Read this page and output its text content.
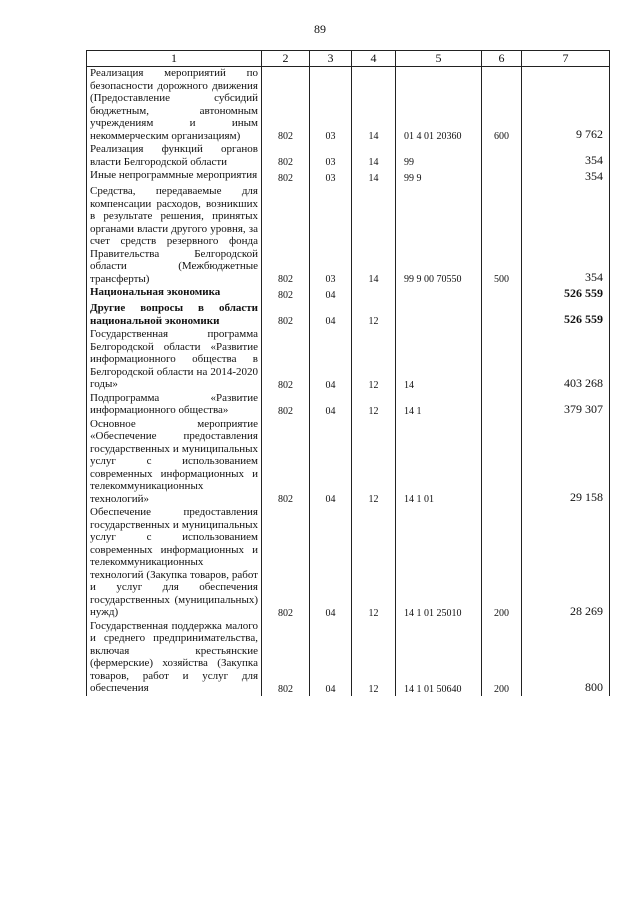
89
1	2	3	4	5	6	7
Реализация мероприятий по безопасности дорожного движения (Предоставление субсидий бюджетным, автономным учреждениям и иным некоммерческим организациям)	802	03	14	01 4 01 20360	600	9 762
Реализация функций органов власти Белгородской области	802	03	14	99		354
Иные непрограммные мероприятия	802	03	14	99 9		354
Средства, передаваемые для компенсации расходов, возникших в результате решения, принятых органами власти другого уровня, за счет средств резервного фонда Правительства Белгородской области (Межбюджетные трансферты)	802	03	14	99 9 00 70550	500	354
Национальная экономика	802	04				526 559
Другие вопросы в области национальной экономики	802	04	12			526 559
Государственная программа Белгородской области «Развитие информационного общества в Белгородской области на 2014-2020 годы»	802	04	12	14		403 268
Подпрограмма «Развитие информационного общества»	802	04	12	14 1		379 307
Основное мероприятие «Обеспечение предоставления государственных и муниципальных услуг с использованием современных информационных и телекоммуникационных технологий»	802	04	12	14 1 01		29 158
Обеспечение предоставления государственных и муниципальных услуг с использованием современных информационных и телекоммуникационных технологий (Закупка товаров, работ и услуг для обеспечения государственных (муниципальных) нужд)	802	04	12	14 1 01 25010	200	28 269
Государственная поддержка малого и среднего предпринимательства, включая крестьянские (фермерские) хозяйства (Закупка товаров, работ и услуг для обеспечения	802	04	12	14 1 01 50640	200	800
